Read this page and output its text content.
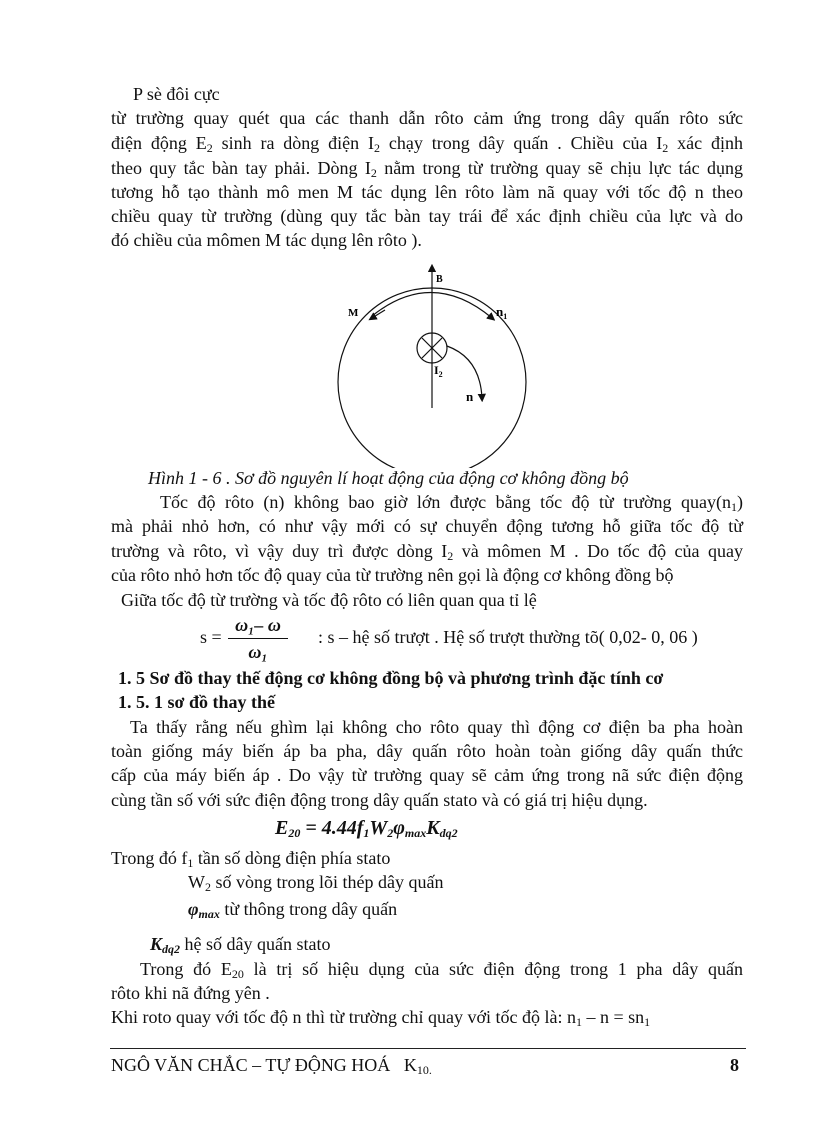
P sè đôi cực
từ trường quay quét qua các thanh dẫn rôto cảm ứng trong dây quấn rôto sức
điện động $E_2$ sinh ra dòng điện $I_2$ chạy trong dây quấn . Chiều của $I_2$ xác định
theo quy tắc bàn tay phải. Dòng $I_2$ nằm trong từ trường quay sẽ chịu lực tác dụng
tương hỗ tạo thành mô men M tác dụng lên rôto làm nã quay với tốc độ n theo
chiều quay từ trường (dùng quy tắc bàn tay trái để xác định chiều của lực và do
đó chiều của mômen M tác dụng lên rôto ).
B
M	$n_1$
$I_2$
n
Hình 1 - 6 . Sơ đồ nguyên lí hoạt động của động cơ không đồng bộ
Tốc độ rôto (n) không bao giờ lớn được bằng tốc độ từ trường $quay(n_1)$
mà phải nhỏ hơn, có như vậy mới có sự chuyển động tương hỗ giữa tốc độ từ
trường và rôto, vì vậy duy trì được dòng $I_2$ và mômen M . Do tốc độ của quay
của rôto nhỏ hơn tốc độ quay của từ trường nên gọi là động cơ không đồng bộ
Giữa tốc độ từ trường và tốc độ rôto có liên quan qua tỉ lệ
$s = \frac{\text{ω₁– ω}}{\text{ω₁}}$ : s – hệ số trượt . Hệ số trượt thường tõ( 0,02- 0, 06 )
1. 5 Sơ đồ thay thế động cơ không đồng bộ và phương trình đặc tính cơ
1. 5. 1 sơ đồ thay thế
Ta thấy rằng nếu ghìm lại không cho rôto quay thì động cơ điện ba pha hoàn
toàn giống máy biến áp ba pha, dây quấn rôto hoàn toàn giống dây quấn thức
cấp của máy biến áp . Do vậy từ trường quay sẽ cảm ứng trong nã sức điện động
cùng tần số với sức điện động trong dây quấn stato và có giá trị hiệu dụng.
$E_{20} = 4.44f_1W_2\varphi_{max}K_{dq2}$
Trong đó $f_1$ tần số dòng điện phía stato
$W_2$ số vòng trong lõi thép dây quấn
$\varphi_{max}$ từ thông trong dây quấn
$K_{dq2}$ hệ số dây quấn stato
Trong đó $E_{20}$ là trị số hiệu dụng của sức điện động trong 1 pha dây quấn
rôto khi nã đứng yên .
Khi roto quay với tốc độ n thì từ trường chỉ quay với tốc độ là: $n_1 - n = sn_1$
NGÔ VĂN CHẮC – TỰ ĐỘNG HOÁ $K_{10.}$	8
